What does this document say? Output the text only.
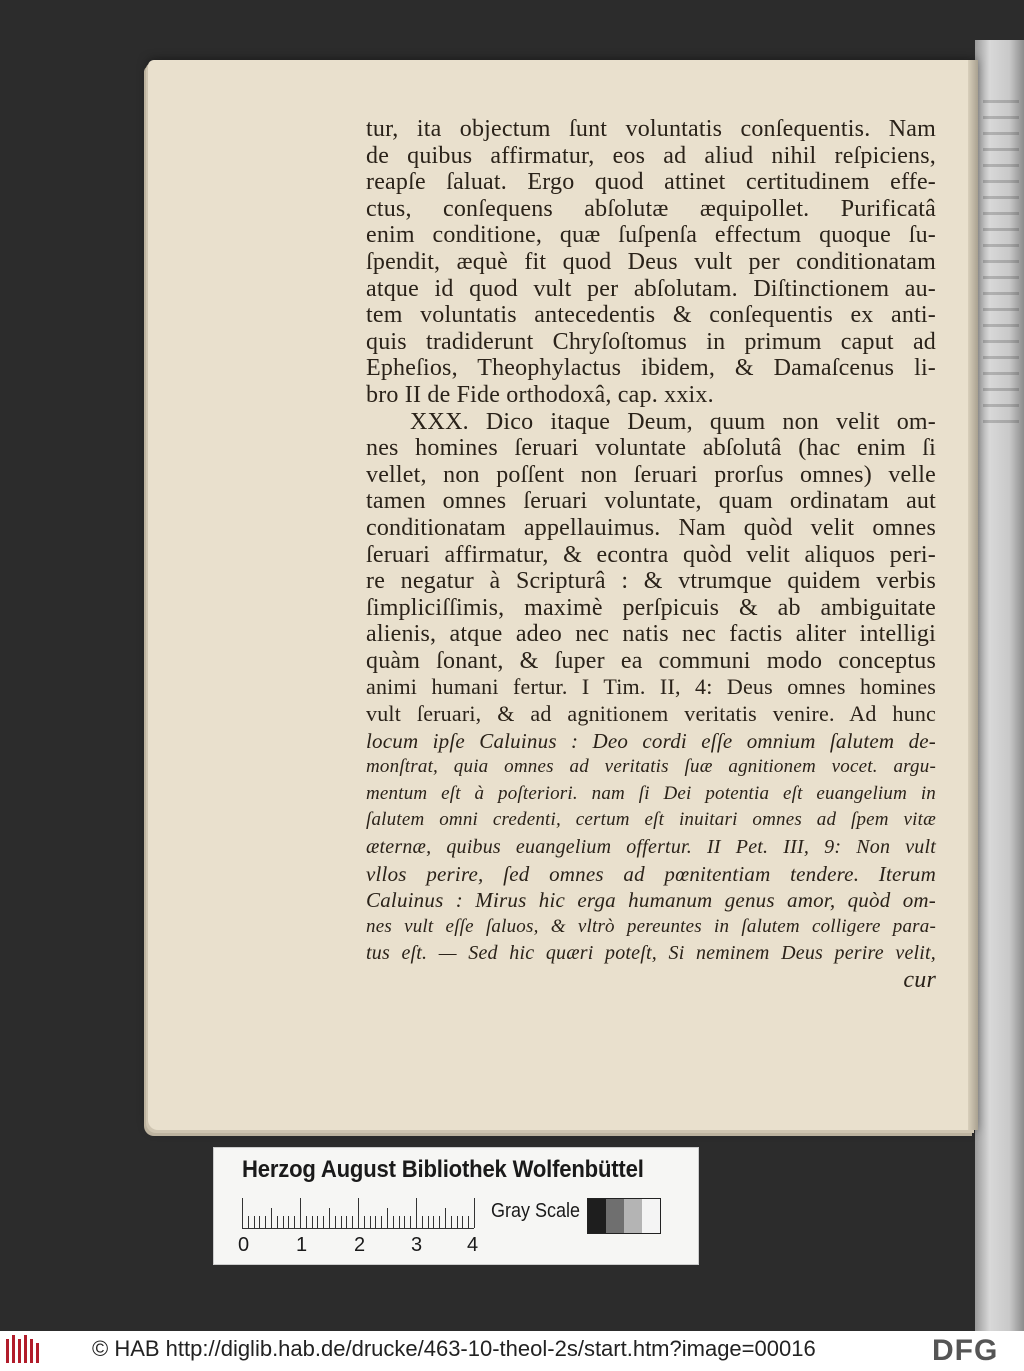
tur, ita objectum ſunt voluntatis conſequentis. Nam
de quibus affirmatur, eos ad aliud nihil reſpiciens,
reapſe ſaluat. Ergo quod attinet certitudinem effe-
ctus, conſequens abſolutæ æquipollet. Purificatâ
enim conditione, quæ ſuſpenſa effectum quoque ſu-
ſpendit, æquè fit quod Deus vult per conditionatam
atque id quod vult per abſolutam. Diſtinctionem au-
tem voluntatis antecedentis & conſequentis ex anti-
quis tradiderunt Chryſoſtomus in primum caput ad
Epheſios, Theophylactus ibidem, & Damaſcenus li-
bro II de Fide orthodoxâ, cap. xxix.
XXX. Dico itaque Deum, quum non velit om-
nes homines ſeruari voluntate abſolutâ (hac enim ſi
vellet, non poſſent non ſeruari prorſus omnes) velle
tamen omnes ſeruari voluntate, quam ordinatam aut
conditionatam appellauimus. Nam quòd velit omnes
ſeruari affirmatur, & econtra quòd velit aliquos peri-
re negatur à Scripturâ : & vtrumque quidem verbis
ſimpliciſſimis, maximè perſpicuis & ab ambiguitate
alienis, atque adeo nec natis nec factis aliter intelligi
quàm ſonant, & ſuper ea communi modo conceptus
animi humani fertur. I Tim. II, 4: Deus omnes homines
vult ſeruari, & ad agnitionem veritatis venire. Ad hunc
locum ipſe Caluinus : Deo cordi eſſe omnium ſalutem de-
monſtrat, quia omnes ad veritatis ſuæ agnitionem vocet. argu-
mentum eſt à poſteriori. nam ſi Dei potentia eſt euangelium in
ſalutem omni credenti, certum eſt inuitari omnes ad ſpem vitæ
æternæ, quibus euangelium offertur. II Pet. III, 9: Non vult
vllos perire, ſed omnes ad pœnitentiam tendere. Iterum
Caluinus : Mirus hic erga humanum genus amor, quòd om-
nes vult eſſe ſaluos, & vltrò pereuntes in ſalutem colligere para-
tus eſt. — Sed hic quæri poteſt, Si neminem Deus perire velit,
cur
Herzog August Bibliothek Wolfenbüttel
0 1 2 3 4
Gray Scale
© HAB http://diglib.hab.de/drucke/463-10-theol-2s/start.htm?image=00016	DFG
